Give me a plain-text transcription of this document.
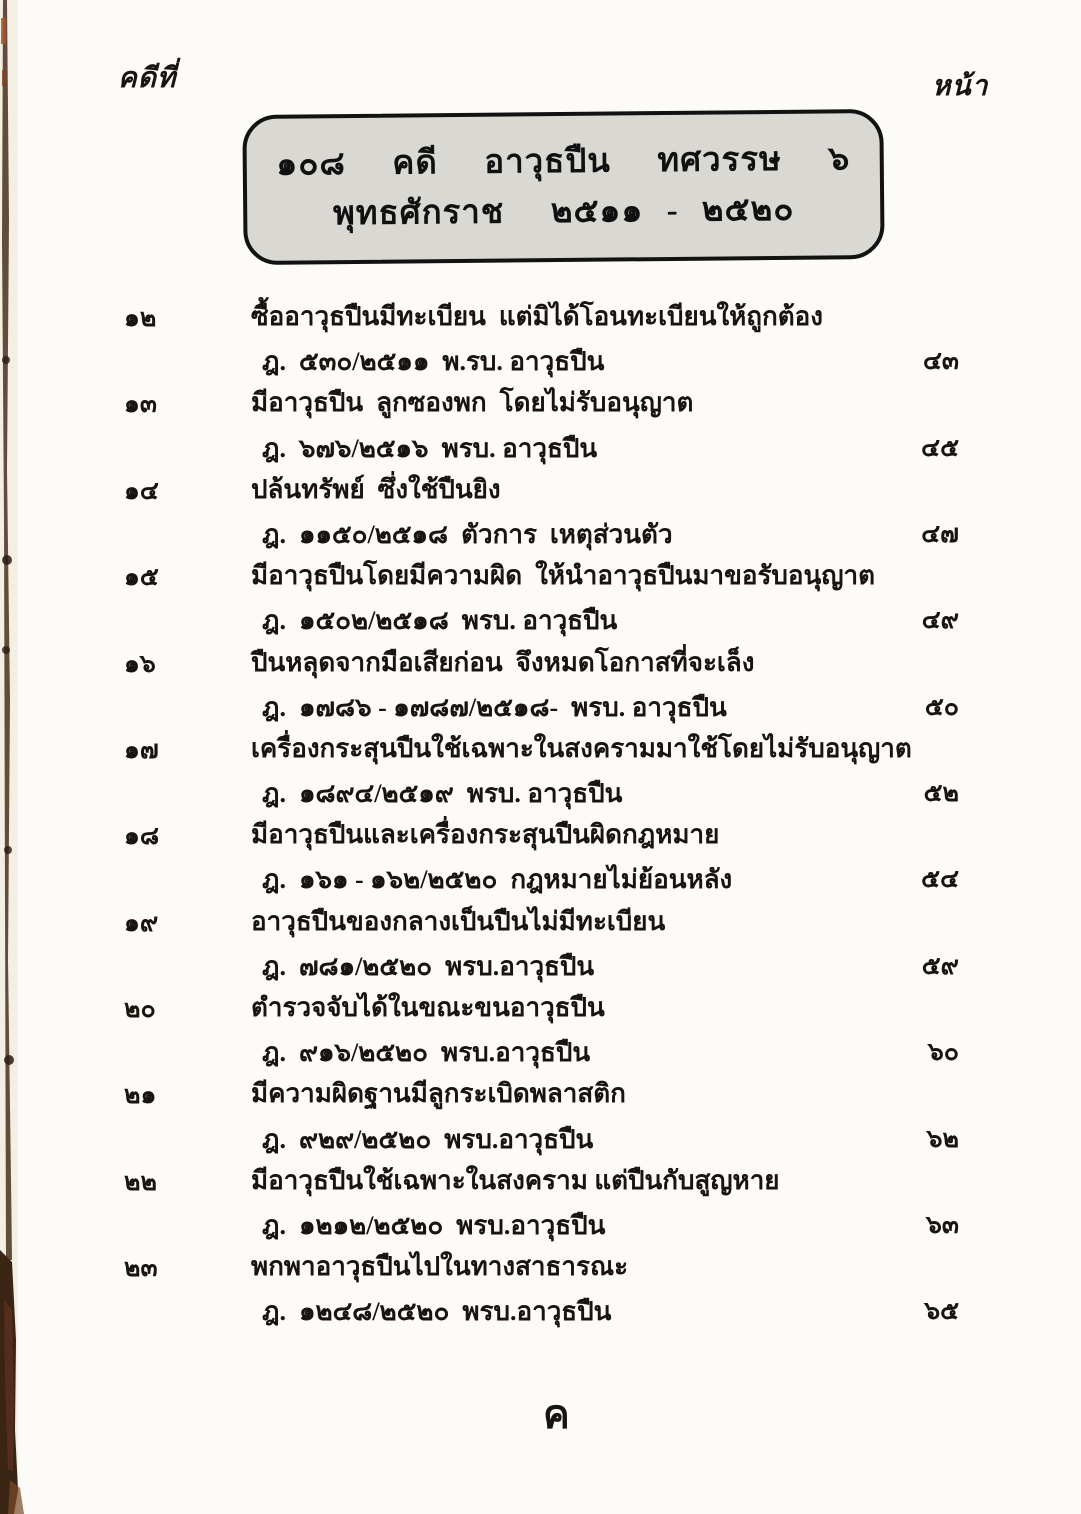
คดีที่	หน้า
๑๐๘  คดี  อาวุธปืน  ทศวรรษ  ๖
พุทธศักราช  ๒๕๑๑ - ๒๕๒๐
๑๒	ซื้ออาวุธปืนมีทะเบียน  แต่มิได้โอนทะเบียนให้ถูกต้อง
ฎ.  ๕๓๐/๒๕๑๑  พ.รบ. อาวุธปืน	๔๓
๑๓	มีอาวุธปืน  ลูกซองพก  โดยไม่รับอนุญาต
ฎ.  ๖๗๖/๒๕๑๖  พรบ. อาวุธปืน	๔๕
๑๔	ปล้นทรัพย์  ซึ่งใช้ปืนยิง
ฎ.  ๑๑๕๐/๒๕๑๘  ตัวการ  เหตุส่วนตัว	๔๗
๑๕	มีอาวุธปืนโดยมีความผิด  ให้นำอาวุธปืนมาขอรับอนุญาต
ฎ.  ๑๕๐๒/๒๕๑๘  พรบ. อาวุธปืน	๔๙
๑๖	ปืนหลุดจากมือเสียก่อน  จึงหมดโอกาสที่จะเล็ง
ฎ.  ๑๗๘๖ - ๑๗๘๗/๒๕๑๘-  พรบ. อาวุธปืน	๕๐
๑๗	เครื่องกระสุนปืนใช้เฉพาะในสงครามมาใช้โดยไม่รับอนุญาต
ฎ.  ๑๘๙๔/๒๕๑๙  พรบ. อาวุธปืน	๕๒
๑๘	มีอาวุธปืนและเครื่องกระสุนปืนผิดกฎหมาย
ฎ.  ๑๖๑ - ๑๖๒/๒๕๒๐  กฎหมายไม่ย้อนหลัง	๕๔
๑๙	อาวุธปืนของกลางเป็นปืนไม่มีทะเบียน
ฎ.  ๗๘๑/๒๕๒๐  พรบ.อาวุธปืน	๕๙
๒๐	ตำรวจจับได้ในขณะขนอาวุธปืน
ฎ.  ๙๑๖/๒๕๒๐  พรบ.อาวุธปืน	๖๐
๒๑	มีความผิดฐานมีลูกระเบิดพลาสติก
ฎ.  ๙๒๙/๒๕๒๐  พรบ.อาวุธปืน	๖๒
๒๒	มีอาวุธปืนใช้เฉพาะในสงคราม แต่ปืนกับสูญหาย
ฎ.  ๑๒๑๒/๒๕๒๐  พรบ.อาวุธปืน	๖๓
๒๓	พกพาอาวุธปืนไปในทางสาธารณะ
ฎ.  ๑๒๔๘/๒๕๒๐  พรบ.อาวุธปืน	๖๕
ค
